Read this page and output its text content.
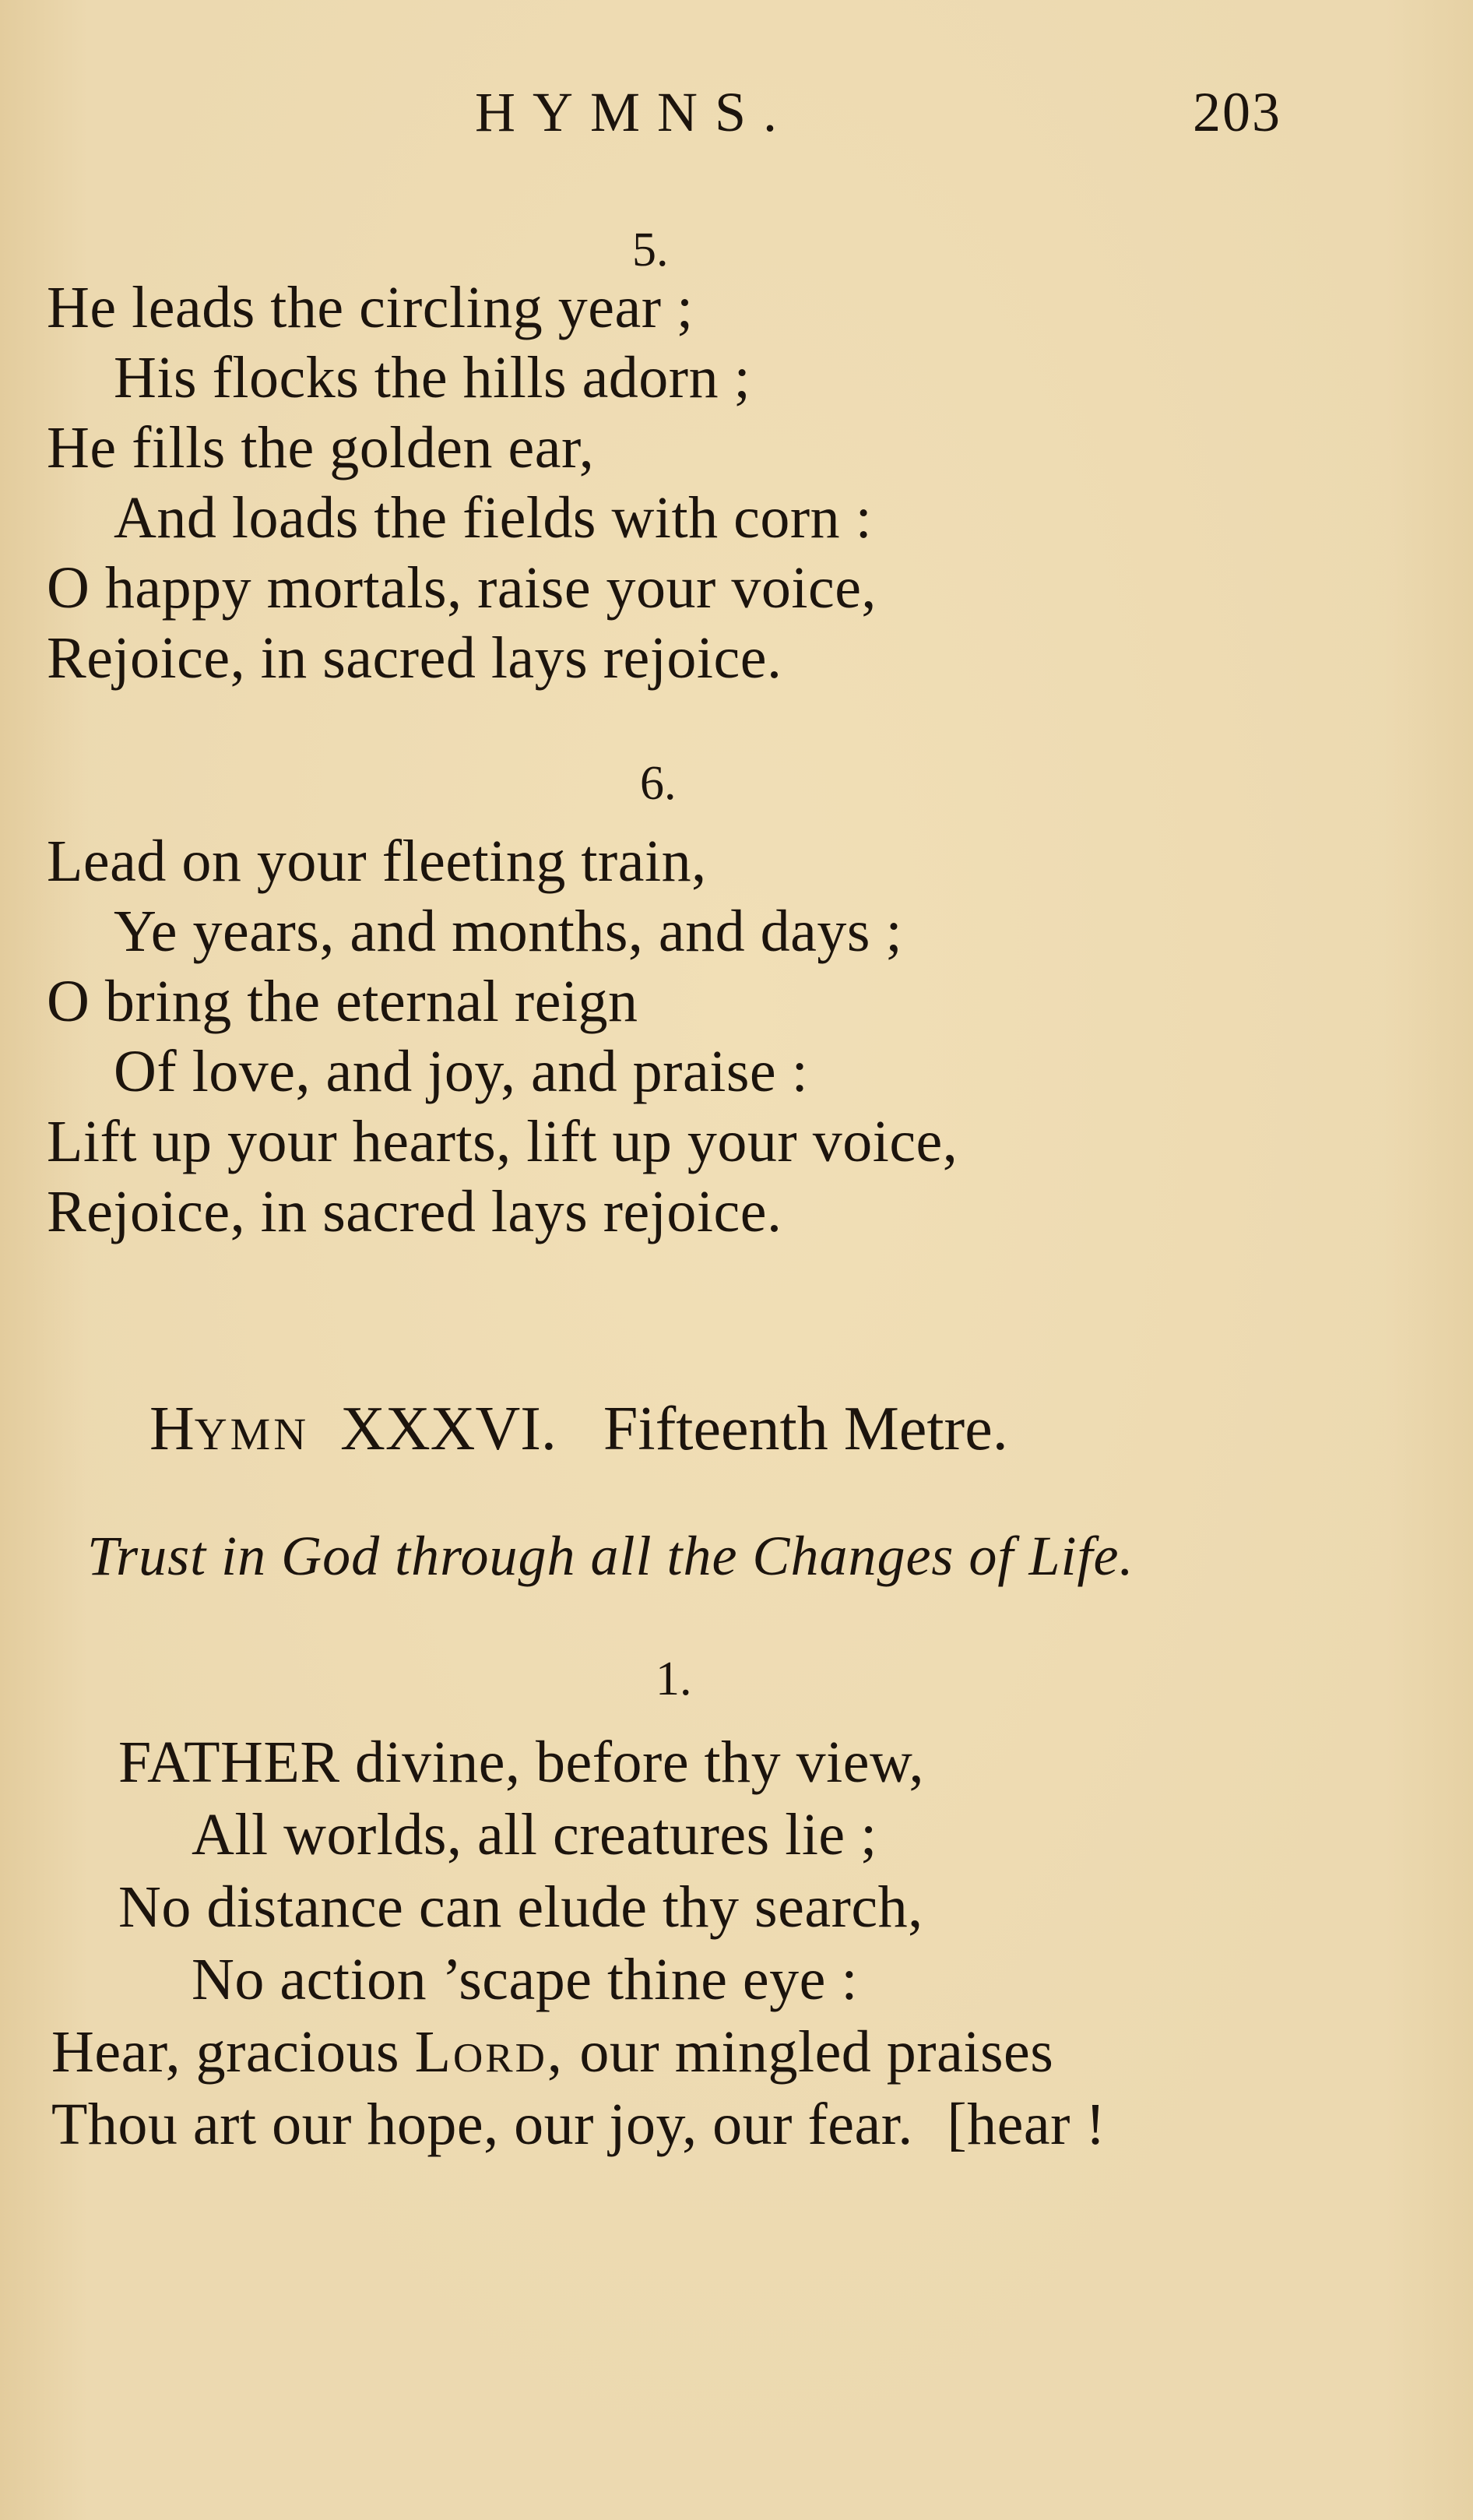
HYMNS.	203
5.
He leads the circling year ;
His flocks the hills adorn ;
He fills the golden ear,
And loads the fields with corn :
O happy mortals, raise your voice,
Rejoice, in sacred lays rejoice.
6.
Lead on your fleeting train,
Ye years, and months, and days ;
O bring the eternal reign
Of love, and joy, and praise :
Lift up your hearts, lift up your voice,
Rejoice, in sacred lays rejoice.
HYMN XXXVI. Fifteenth Metre.
Trust in God through all the Changes of Life.
1.
FATHER divine, before thy view,
All worlds, all creatures lie ;
No distance can elude thy search,
No action ’scape thine eye :
Hear, gracious Lord, our mingled praises
Thou art our hope, our joy, our fear. [hear !
